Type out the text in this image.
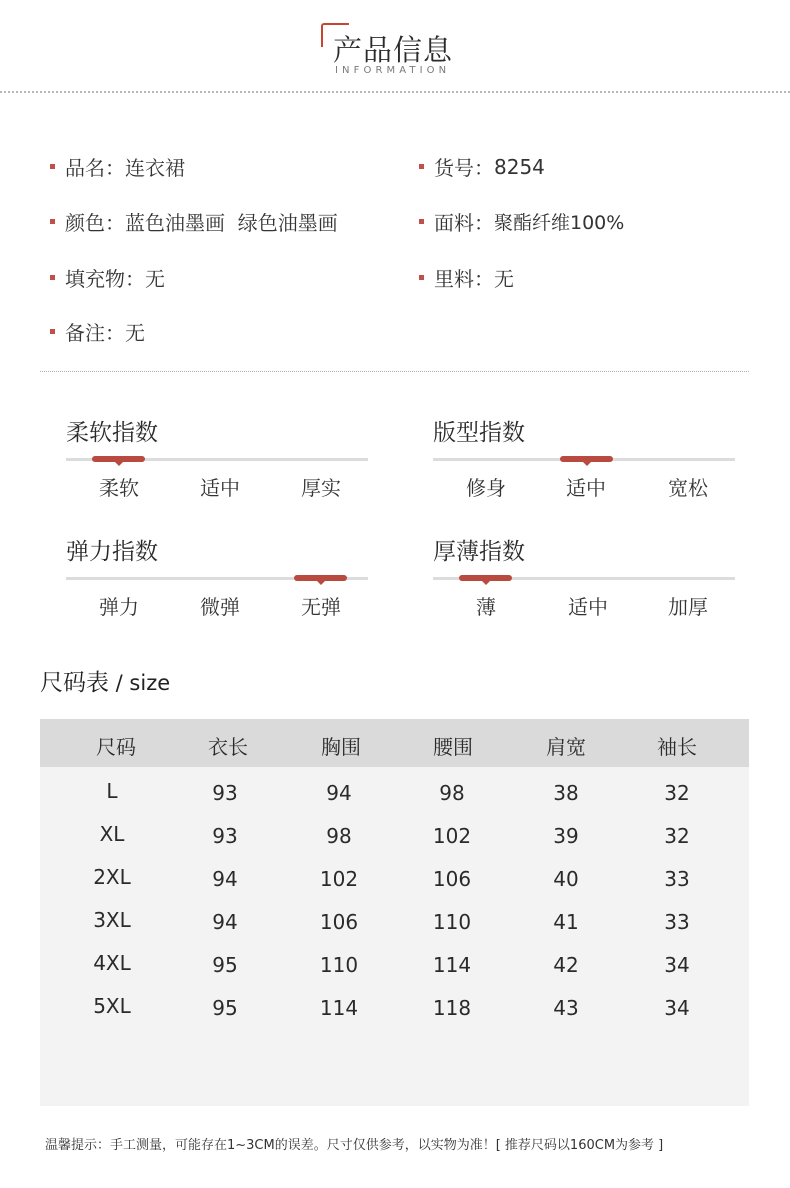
产品信息
INFORMATION
品名： 连衣裙
颜色： 蓝色油墨画  绿色油墨画
填充物： 无
备注： 无
货号： 8254
面料： 聚酯纤维100%
里料： 无
柔软指数
柔软	适中	厚实
版型指数
修身	适中	宽松
弹力指数
弹力	微弹	无弹
厚薄指数
薄	适中	加厚
尺码表 / size
尺码	衣长	胸围	腰围	肩宽	袖长
L	93	94	98	38	32
XL	93	98	102	39	32
2XL	94	102	106	40	33
3XL	94	106	110	41	33
4XL	95	110	114	42	34
5XL	95	114	118	43	34
温馨提示：手工测量，可能存在1~3CM的误差。尺寸仅供参考，以实物为准！[ 推荐尺码以160CM为参考 ]
